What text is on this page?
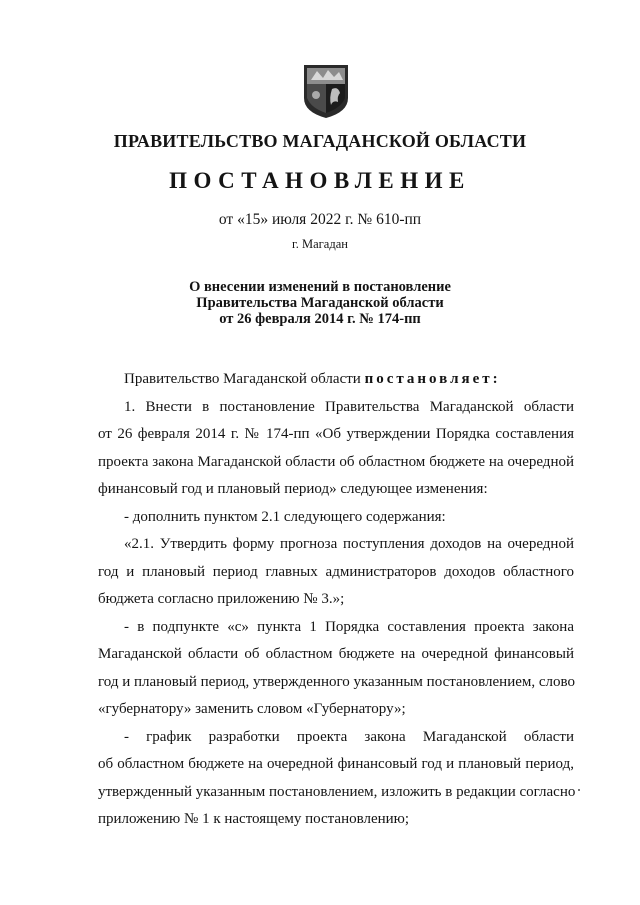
ПРАВИТЕЛЬСТВО МАГАДАНСКОЙ ОБЛАСТИ
ПОСТАНОВЛЕНИЕ
от «15» июля 2022 г. № 610-пп
г. Магадан
О внесении изменений в постановление
Правительства Магаданской области
от 26 февраля 2014 г. № 174-пп
Правительство Магаданской области постановляет:
1. Внести в постановление Правительства Магаданской области
от 26 февраля 2014 г. № 174-пп «Об утверждении Порядка составления
проекта закона Магаданской области об областном бюджете на очередной
финансовый год и плановый период» следующее изменения:
- дополнить пунктом 2.1 следующего содержания:
«2.1. Утвердить форму прогноза поступления доходов на очередной
год и плановый период главных администраторов доходов областного
бюджета согласно приложению № 3.»;
- в подпункте «с» пункта 1 Порядка составления проекта закона
Магаданской области об областном бюджете на очередной финансовый
год и плановый период, утвержденного указанным постановлением, слово
«губернатору» заменить словом «Губернатору»;
- график разработки проекта закона Магаданской области
об областном бюджете на очередной финансовый год и плановый период,
утвержденный указанным постановлением, изложить в редакции согласно
приложению № 1 к настоящему постановлению;
